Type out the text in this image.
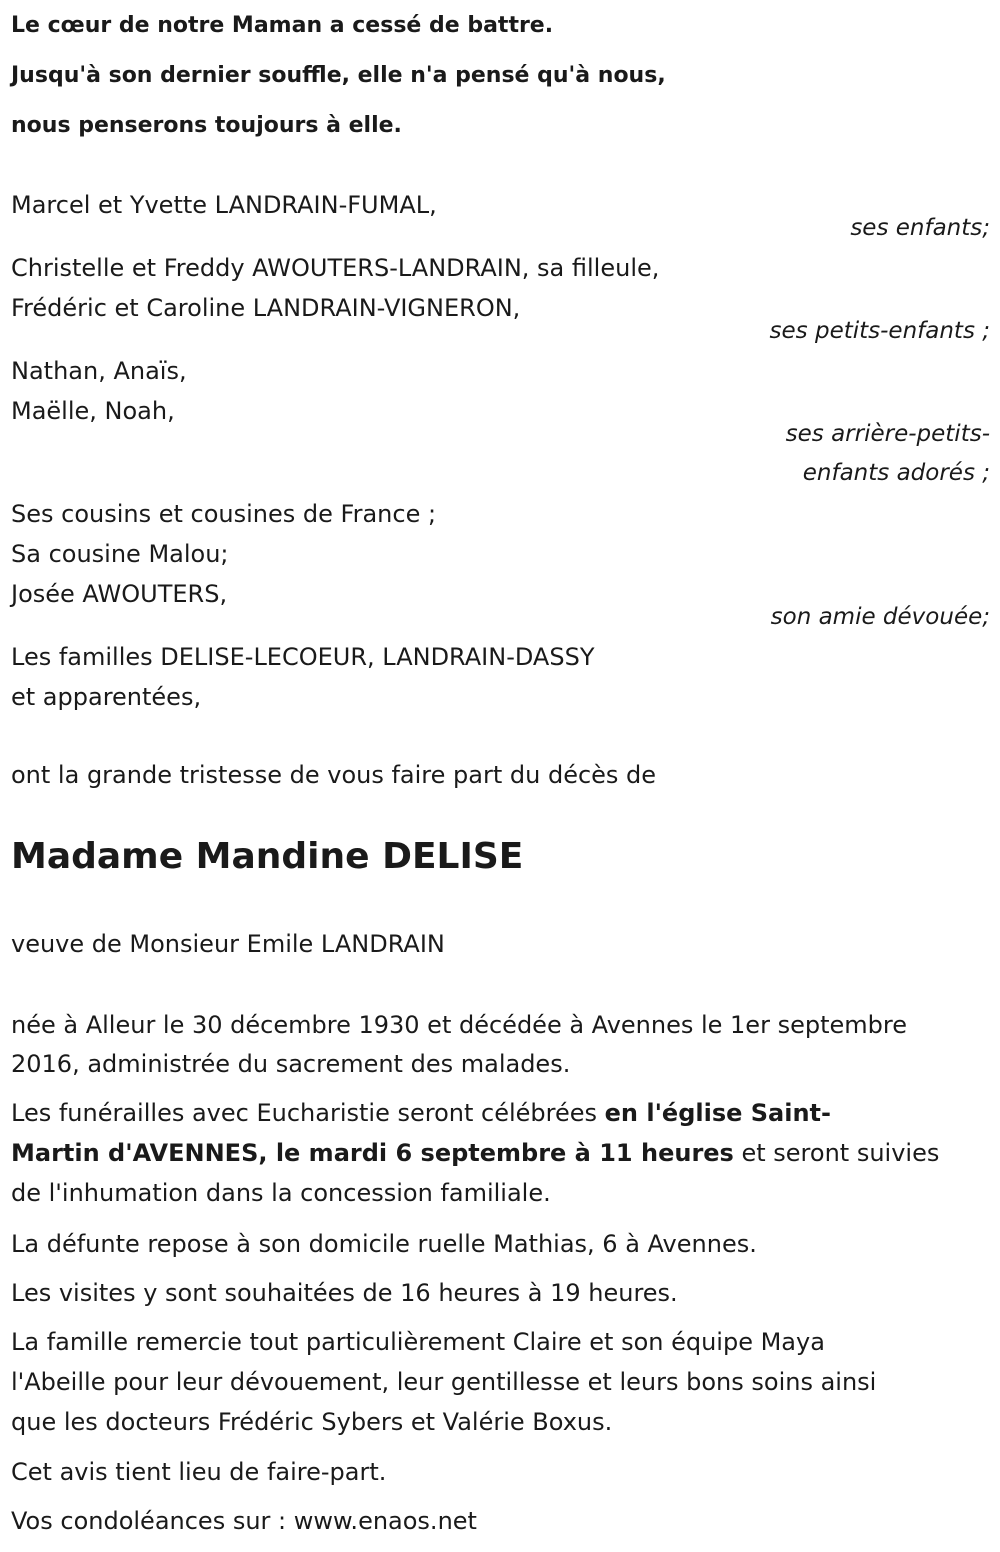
Le cœur de notre Maman a cessé de battre.
Jusqu'à son dernier souffle, elle n'a pensé qu'à nous,
nous penserons toujours à elle.
Marcel et Yvette LANDRAIN-FUMAL,
ses enfants;
Christelle et Freddy AWOUTERS-LANDRAIN, sa filleule,
Frédéric et Caroline LANDRAIN-VIGNERON,
ses petits-enfants ;
Nathan, Anaïs,
Maëlle, Noah,
ses arrière-petits-
enfants adorés ;
Ses cousins et cousines de France ;
Sa cousine Malou;
Josée AWOUTERS,
son amie dévouée;
Les familles DELISE-LECOEUR, LANDRAIN-DASSY
et apparentées,
ont la grande tristesse de vous faire part du décès de
Madame Mandine DELISE
veuve de Monsieur Emile LANDRAIN
née à Alleur le 30 décembre 1930 et décédée à Avennes le 1er septembre
2016, administrée du sacrement des malades.
Les funérailles avec Eucharistie seront célébrées en l'église Saint-
Martin d'AVENNES, le mardi 6 septembre à 11 heures et seront suivies
de l'inhumation dans la concession familiale.
La défunte repose à son domicile ruelle Mathias, 6 à Avennes.
Les visites y sont souhaitées de 16 heures à 19 heures.
La famille remercie tout particulièrement Claire et son équipe Maya
l'Abeille pour leur dévouement, leur gentillesse et leurs bons soins ainsi
que les docteurs Frédéric Sybers et Valérie Boxus.
Cet avis tient lieu de faire-part.
Vos condoléances sur : www.enaos.net
